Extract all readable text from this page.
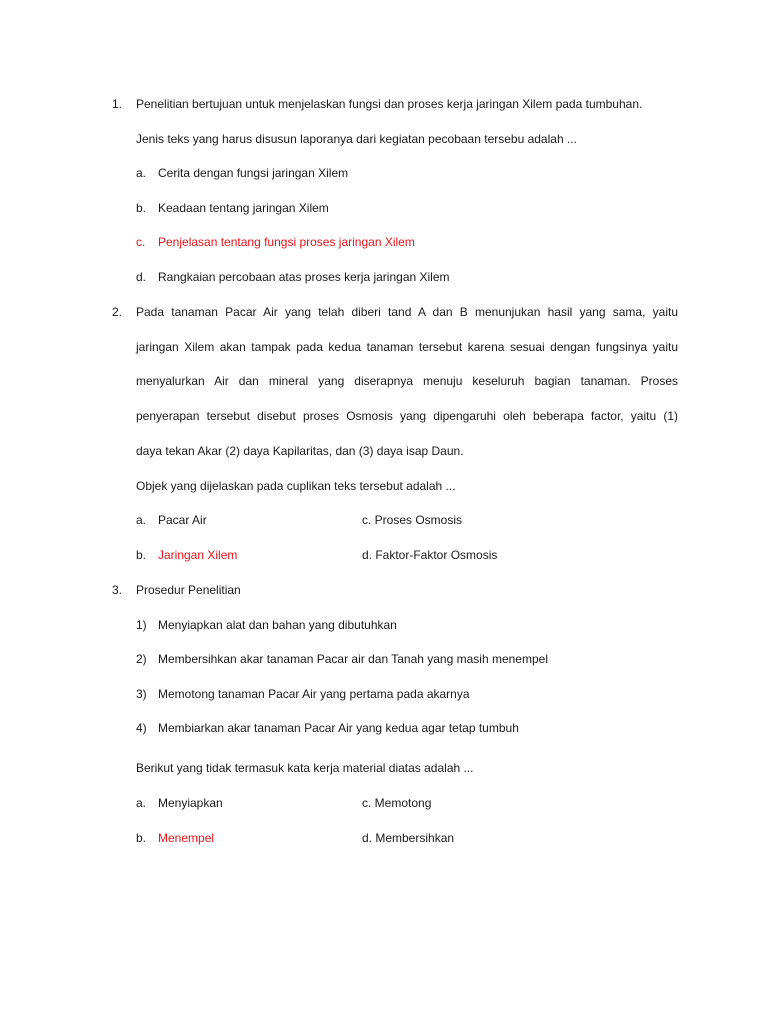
1. Penelitian bertujuan untuk menjelaskan fungsi dan proses kerja jaringan Xilem pada tumbuhan.
Jenis teks yang harus disusun laporanya dari kegiatan pecobaan tersebu adalah ...
a. Cerita dengan fungsi jaringan Xilem
b. Keadaan tentang jaringan Xilem
c. Penjelasan tentang fungsi proses jaringan Xilem
d. Rangkaian percobaan atas proses kerja jaringan Xilem
2. Pada tanaman Pacar Air yang telah diberi tand A dan B menunjukan hasil yang sama, yaitu
jaringan Xilem akan tampak pada kedua tanaman tersebut karena sesuai dengan fungsinya yaitu
menyalurkan Air dan mineral yang diserapnya menuju keseluruh bagian tanaman. Proses
penyerapan tersebut disebut proses Osmosis yang dipengaruhi oleh beberapa factor, yaitu (1)
daya tekan Akar (2) daya Kapilaritas, dan (3) daya isap Daun.
Objek yang dijelaskan pada cuplikan teks tersebut adalah ...
a. Pacar Air	c. Proses Osmosis
b. Jaringan Xilem	d. Faktor-Faktor Osmosis
3. Prosedur Penelitian
1) Menyiapkan alat dan bahan yang dibutuhkan
2) Membersihkan akar tanaman Pacar air dan Tanah yang masih menempel
3) Memotong tanaman Pacar Air yang pertama pada akarnya
4) Membiarkan akar tanaman Pacar Air yang kedua agar tetap tumbuh
Berikut yang tidak termasuk kata kerja material diatas adalah ...
a. Menyiapkan	c. Memotong
b. Menempel	d. Membersihkan
